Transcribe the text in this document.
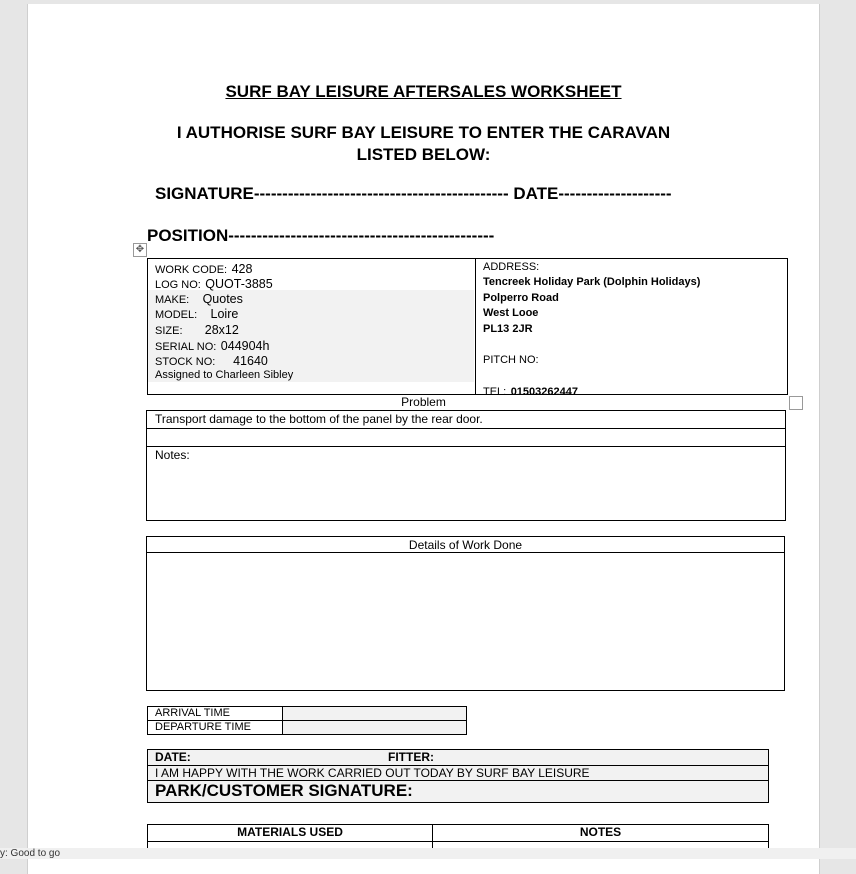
SURF BAY LEISURE AFTERSALES WORKSHEET
I AUTHORISE SURF BAY LEISURE TO ENTER THE CARAVAN
LISTED BELOW:
SIGNATURE--------------------------------------------- DATE--------------------
POSITION-----------------------------------------------
✥
WORK CODE: 428
LOG NO: QUOT-3885
MAKE: Quotes
MODEL: Loire
SIZE: 28x12
SERIAL NO: 044904h
STOCK NO: 41640
Assigned to Charleen Sibley
ADDRESS:
Tencreek Holiday Park (Dolphin Holidays)
Polperro Road
West Looe
PL13 2JR
PITCH NO:
TEL: 01503262447
Problem
Transport damage to the bottom of the panel by the rear door.
Notes:
Details of Work Done
ARRIVAL TIME
DEPARTURE TIME
DATE:	FITTER:
I AM HAPPY WITH THE WORK CARRIED OUT TODAY BY SURF BAY LEISURE
PARK/CUSTOMER SIGNATURE:
MATERIALS USED	NOTES
y: Good to go
